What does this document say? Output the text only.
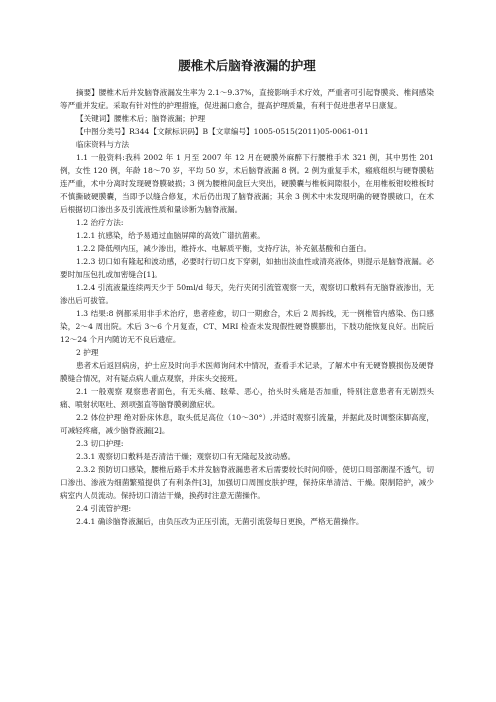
腰椎术后脑脊液漏的护理

摘要】腰椎术后并发脑脊液漏发生率为 2.1～9.37%，直接影响手术疗效，严重者可引起脊膜炎、椎间感染等严重并发症。采取有针对性的护理措施，促进漏口愈合，提高护理质量，有利于促进患者早日康复。

【关键词】腰椎术后；脑脊液漏；护理

【中图分类号】R344【文献标识码】B【文章编号】1005-0515(2011)05-0061-011

临床资料与方法

1.1 一般资料:我科 2002 年 1 月至 2007 年 12 月在硬膜外麻醉下行腰椎手术 321 例，其中男性 201 例，女性 120 例，年龄 18～70 岁，平均 50 岁，术后脑脊液漏 8 例。2 例为重复手术，瘢痕组织与硬脊膜粘连严重，术中分离时发现硬脊膜破损；3 例为腰椎间盘巨大突出，硬膜囊与椎板间隙很小，在用椎板钳咬椎板时不慎撕破硬膜囊，当即予以缝合修复，术后仍出现了脑脊液漏；其余 3 例术中未发现明确的硬脊膜破口，在术后根据切口渗出多及引流液性质和量诊断为脑脊液漏。

1.2 治疗方法:

1.2.1 抗感染，给予易通过血脑屏障的高效广谱抗菌素。

1.2.2 降低颅内压，减少渗出，维持水、电解质平衡，支持疗法，补充氨基酸和白蛋白。

1.2.3 切口如有隆起和波动感，必要时行切口皮下穿刺，如抽出淡血性或清亮液体，则提示是脑脊液漏。必要时加压包扎或加密缝合[1]。

1.2.4 引流液量连续两天少于 50ml/d 每天，先行夹闭引流管观察一天，观察切口敷料有无脑脊液渗出，无渗出后可拔管。

1.3 结果:8 例都采用非手术治疗，患者痊愈，切口一期愈合，术后 2 周拆线，无一例椎管内感染、伤口感染，2～4 周出院。术后 3～6 个月复查，CT、MRI 检查未发现假性硬脊膜膨出，下肢功能恢复良好。出院后 12～24 个月内随访无不良后遗症。

2 护理

患者术后返回病房，护士应及时向手术医师询问术中情况，查看手术记录，了解术中有无硬脊膜损伤及硬脊膜缝合情况，对有疑点病人重点观察，并床头交接班。

2.1 一般观察 观察患者面色，有无头痛、眩晕、恶心，抬头时头痛是否加重，特别注意患者有无剧烈头痛、喷射状呕吐、颈项强直等脑脊膜刺激症状。

2.2 体位护理 绝对卧床休息，取头低足高位（10～30°）,并适时观察引流量，并据此及时调整床脚高度，可减轻疼痛，减少脑脊液漏[2]。

2.3 切口护理:

2.3.1 观察切口敷料是否清洁干燥；观察切口有无隆起及波动感。

2.3.2 预防切口感染，腰椎后路手术并发脑脊液漏患者术后需要较长时间仰卧，使切口局部潮湿不透气，切口渗出、渗液为细菌繁殖提供了有利条件[3]，加强切口周围皮肤护理，保持床单清洁、干燥。限制陪护，减少病室内人员流动。保持切口清洁干燥，换药时注意无菌操作。

2.4 引流管护理:

2.4.1 确诊脑脊液漏后，由负压改为正压引流，无菌引流袋每日更换，严格无菌操作。
